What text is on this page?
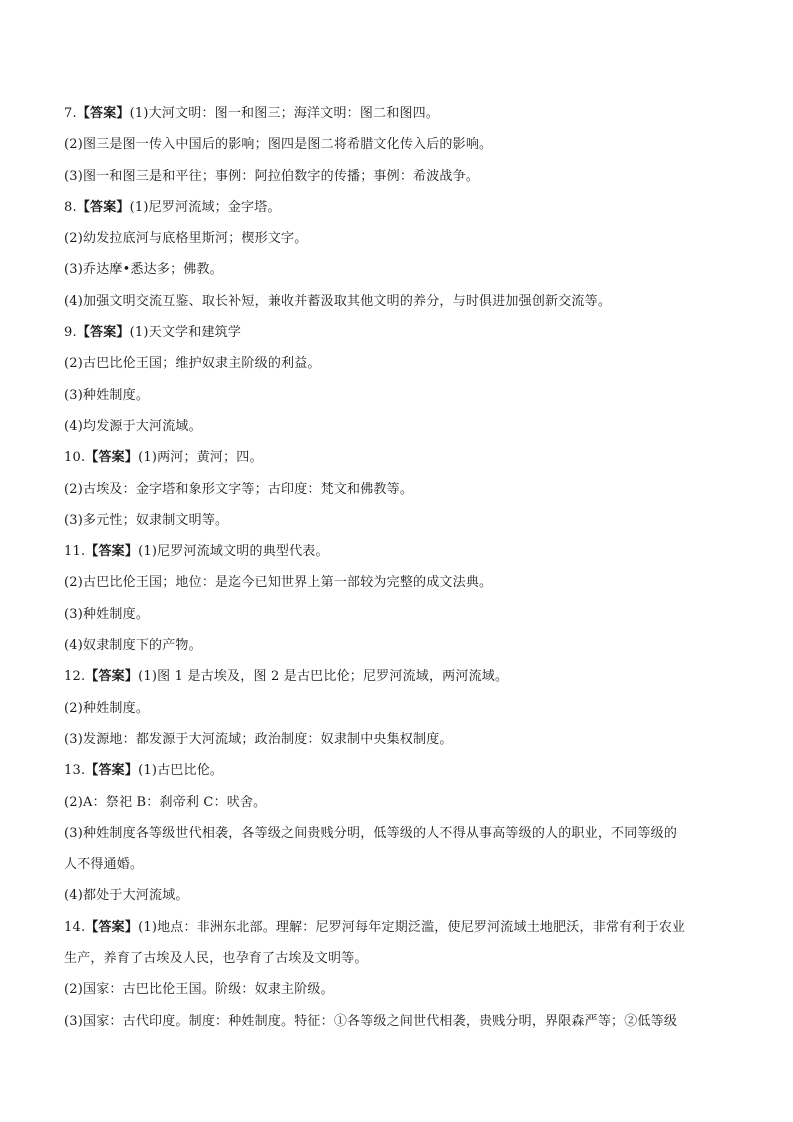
7.【答案】(1)大河文明：图一和图三；海洋文明：图二和图四。
(2)图三是图一传入中国后的影响；图四是图二将希腊文化传入后的影响。
(3)图一和图三是和平往；事例：阿拉伯数字的传播；事例：希波战争。
8.【答案】(1)尼罗河流域；金字塔。
(2)幼发拉底河与底格里斯河；楔形文字。
(3)乔达摩•悉达多；佛教。
(4)加强文明交流互鉴、取长补短，兼收并蓄汲取其他文明的养分，与时俱进加强创新交流等。
9.【答案】(1)天文学和建筑学
(2)古巴比伦王国；维护奴隶主阶级的利益。
(3)种姓制度。
(4)均发源于大河流域。
10.【答案】(1)两河；黄河；四。
(2)古埃及：金字塔和象形文字等；古印度：梵文和佛教等。
(3)多元性；奴隶制文明等。
11.【答案】(1)尼罗河流域文明的典型代表。
(2)古巴比伦王国；地位：是迄今已知世界上第一部较为完整的成文法典。
(3)种姓制度。
(4)奴隶制度下的产物。
12.【答案】(1)图 1 是古埃及，图 2 是古巴比伦；尼罗河流域，两河流域。
(2)种姓制度。
(3)发源地：都发源于大河流域；政治制度：奴隶制中央集权制度。
13.【答案】(1)古巴比伦。
(2)A：祭祀 B：刹帝利 C：吠舍。
(3)种姓制度各等级世代相袭，各等级之间贵贱分明，低等级的人不得从事高等级的人的职业，不同等级的
人不得通婚。
(4)都处于大河流域。
14.【答案】(1)地点：非洲东北部。理解：尼罗河每年定期泛滥，使尼罗河流域土地肥沃，非常有利于农业
生产，养育了古埃及人民，也孕育了古埃及文明等。
(2)国家：古巴比伦王国。阶级：奴隶主阶级。
(3)国家：古代印度。制度：种姓制度。特征：①各等级之间世代相袭，贵贱分明，界限森严等；②低等级
